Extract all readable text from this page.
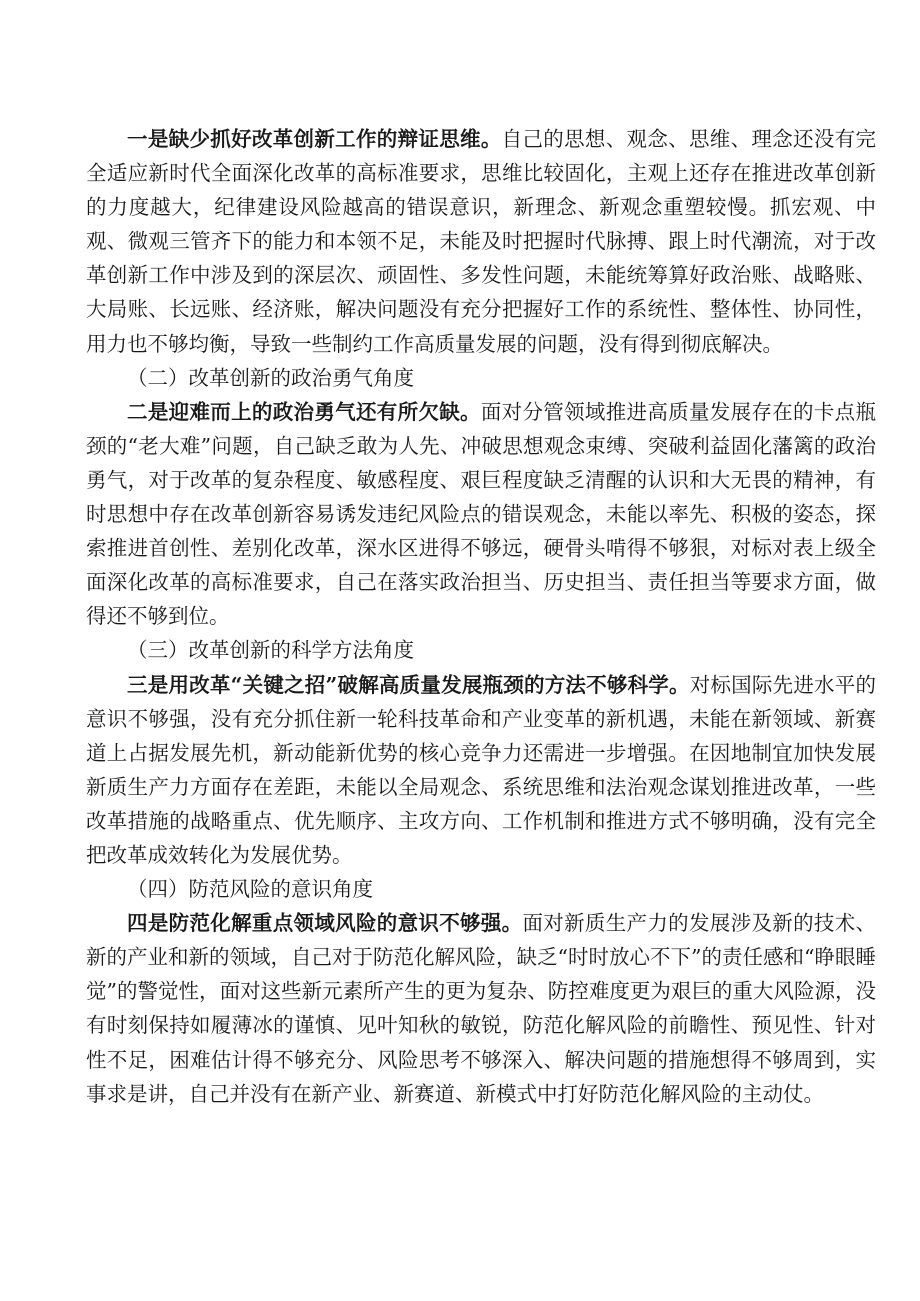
一是缺少抓好改革创新工作的辩证思维。自己的思想、观念、思维、理念还没有完全适应新时代全面深化改革的高标准要求，思维比较固化，主观上还存在推进改革创新的力度越大，纪律建设风险越高的错误意识，新理念、新观念重塑较慢。抓宏观、中观、微观三管齐下的能力和本领不足，未能及时把握时代脉搏、跟上时代潮流，对于改革创新工作中涉及到的深层次、顽固性、多发性问题，未能统筹算好政治账、战略账、大局账、长远账、经济账，解决问题没有充分把握好工作的系统性、整体性、协同性，用力也不够均衡，导致一些制约工作高质量发展的问题，没有得到彻底解决。

（二）改革创新的政治勇气角度

二是迎难而上的政治勇气还有所欠缺。面对分管领域推进高质量发展存在的卡点瓶颈的“老大难”问题，自己缺乏敢为人先、冲破思想观念束缚、突破利益固化藩篱的政治勇气，对于改革的复杂程度、敏感程度、艰巨程度缺乏清醒的认识和大无畏的精神，有时思想中存在改革创新容易诱发违纪风险点的错误观念，未能以率先、积极的姿态，探索推进首创性、差别化改革，深水区进得不够远，硬骨头啃得不够狠，对标对表上级全面深化改革的高标准要求，自己在落实政治担当、历史担当、责任担当等要求方面，做得还不够到位。

（三）改革创新的科学方法角度

三是用改革“关键之招”破解高质量发展瓶颈的方法不够科学。对标国际先进水平的意识不够强，没有充分抓住新一轮科技革命和产业变革的新机遇，未能在新领域、新赛道上占据发展先机，新动能新优势的核心竞争力还需进一步增强。在因地制宜加快发展新质生产力方面存在差距，未能以全局观念、系统思维和法治观念谋划推进改革，一些改革措施的战略重点、优先顺序、主攻方向、工作机制和推进方式不够明确，没有完全把改革成效转化为发展优势。

（四）防范风险的意识角度

四是防范化解重点领域风险的意识不够强。面对新质生产力的发展涉及新的技术、新的产业和新的领域，自己对于防范化解风险，缺乏“时时放心不下”的责任感和“睁眼睡觉”的警觉性，面对这些新元素所产生的更为复杂、防控难度更为艰巨的重大风险源，没有时刻保持如履薄冰的谨慎、见叶知秋的敏锐，防范化解风险的前瞻性、预见性、针对性不足，困难估计得不够充分、风险思考不够深入、解决问题的措施想得不够周到，实事求是讲，自己并没有在新产业、新赛道、新模式中打好防范化解风险的主动仗。
